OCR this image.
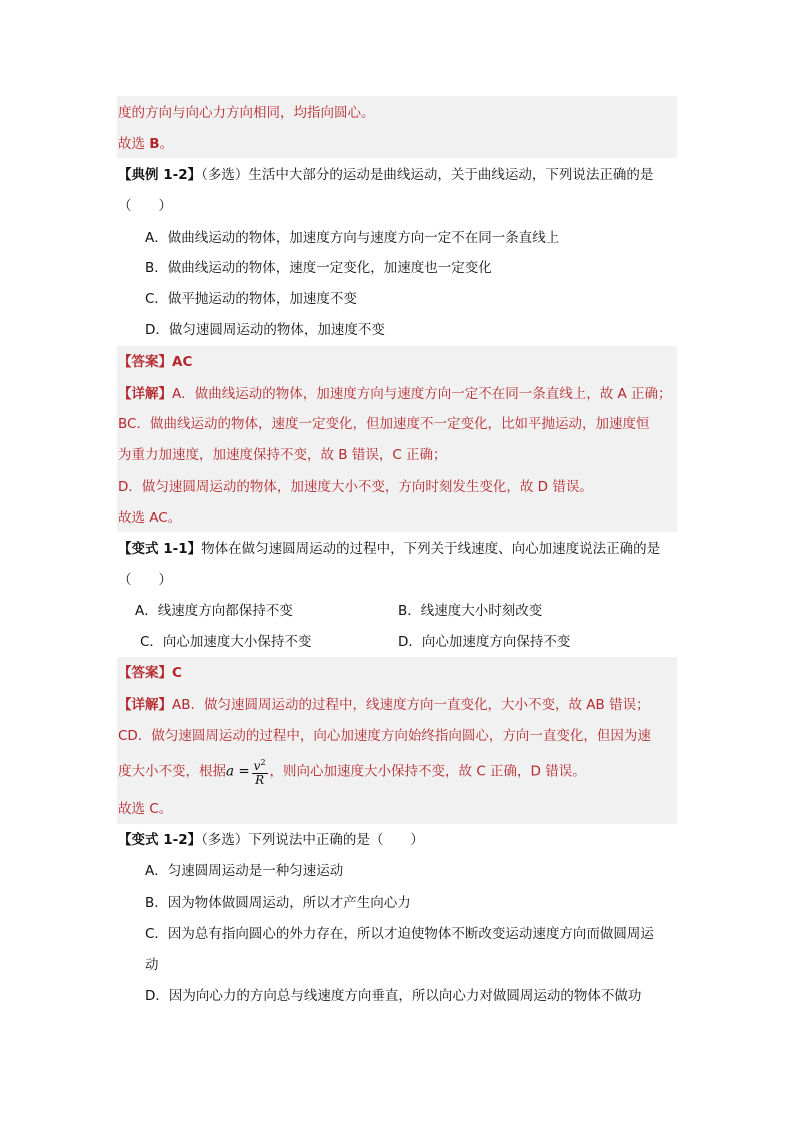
度的方向与向心力方向相同，均指向圆心。
故选 B。
【典例 1-2】（多选）生活中大部分的运动是曲线运动，关于曲线运动，下列说法正确的是
（　　）
A．做曲线运动的物体，加速度方向与速度方向一定不在同一条直线上
B．做曲线运动的物体，速度一定变化，加速度也一定变化
C．做平抛运动的物体，加速度不变
D．做匀速圆周运动的物体，加速度不变
【答案】AC
【详解】A．做曲线运动的物体，加速度方向与速度方向一定不在同一条直线上，故 A 正确；
BC．做曲线运动的物体，速度一定变化，但加速度不一定变化，比如平抛运动，加速度恒
为重力加速度，加速度保持不变，故 B 错误，C 正确；
D．做匀速圆周运动的物体，加速度大小不变，方向时刻发生变化，故 D 错误。
故选 AC。
【变式 1-1】物体在做匀速圆周运动的过程中，下列关于线速度、向心加速度说法正确的是
（　　）
A．线速度方向都保持不变	B．线速度大小时刻改变
C．向心加速度大小保持不变	D．向心加速度方向保持不变
【答案】C
【详解】AB．做匀速圆周运动的过程中，线速度方向一直变化，大小不变，故 AB 错误；
CD．做匀速圆周运动的过程中，向心加速度方向始终指向圆心，方向一直变化，但因为速
度大小不变，根据$a = \frac{v^2}{R}$ ，则向心加速度大小保持不变，故 C 正确，D 错误。
故选 C。
【变式 1-2】（多选）下列说法中正确的是（　　）
A．匀速圆周运动是一种匀速运动
B．因为物体做圆周运动，所以才产生向心力
C．因为总有指向圆心的外力存在，所以才迫使物体不断改变运动速度方向而做圆周运
动
D．因为向心力的方向总与线速度方向垂直，所以向心力对做圆周运动的物体不做功
